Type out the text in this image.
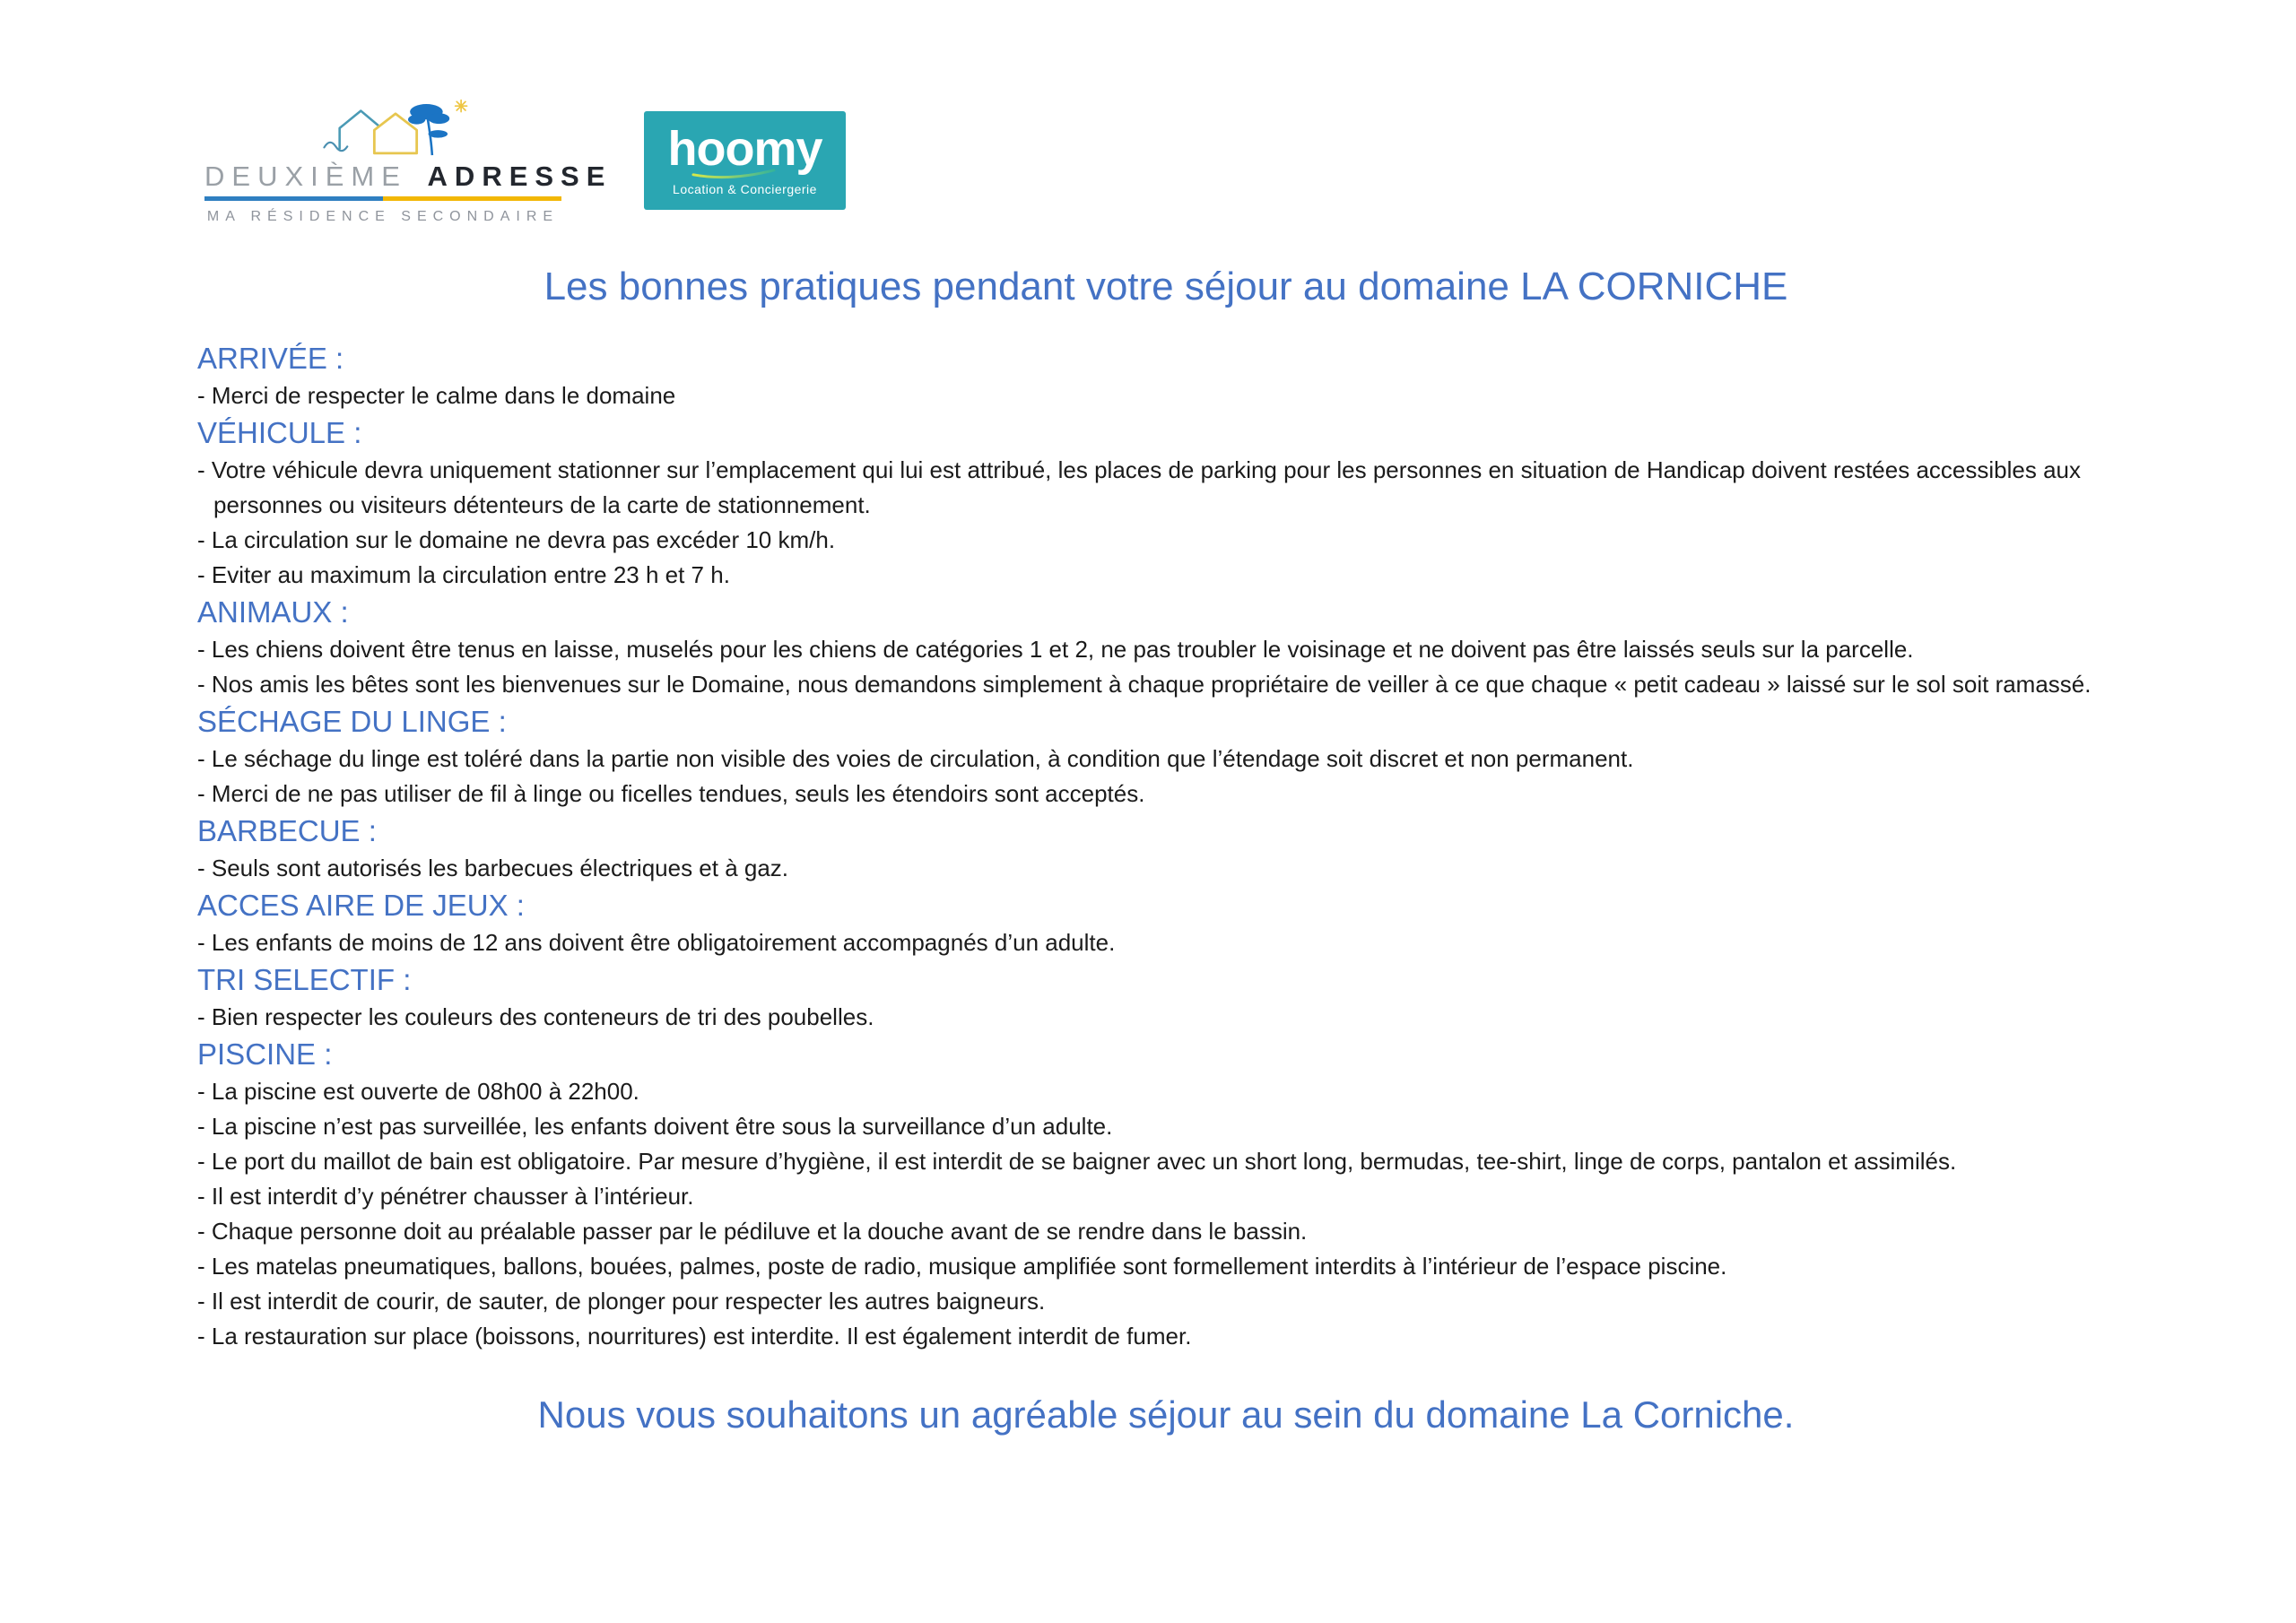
DEUXIÈME ADRESSE
MA RÉSIDENCE SECONDAIRE
hoomy
Location & Conciergerie
Les bonnes pratiques pendant votre séjour au domaine LA CORNICHE
ARRIVÉE :

- Merci de respecter le calme dans le domaine

VÉHICULE :

- Votre véhicule devra uniquement stationner sur l’emplacement qui lui est attribué, les places de parking pour les personnes en situation de Handicap doivent restées accessibles aux personnes ou visiteurs détenteurs de la carte de stationnement.

- La circulation sur le domaine ne devra pas excéder 10 km/h.

- Eviter au maximum la circulation entre 23 h et 7 h.

ANIMAUX :

- Les chiens doivent être tenus en laisse, muselés pour les chiens de catégories 1 et 2, ne pas troubler le voisinage et ne doivent pas être laissés seuls sur la parcelle.

- Nos amis les bêtes sont les bienvenues sur le Domaine, nous demandons simplement à chaque propriétaire de veiller à ce que chaque « petit cadeau » laissé sur le sol soit ramassé.

SÉCHAGE DU LINGE :

- Le séchage du linge est toléré dans la partie non visible des voies de circulation, à condition que l’étendage soit discret et non permanent.

- Merci de ne pas utiliser de fil à linge ou ficelles tendues, seuls les étendoirs sont acceptés.

BARBECUE :

- Seuls sont autorisés les barbecues électriques et à gaz.

ACCES AIRE DE JEUX :

- Les enfants de moins de 12 ans doivent être obligatoirement accompagnés d’un adulte.

TRI SELECTIF :

- Bien respecter les couleurs des conteneurs de tri des poubelles.

PISCINE :

- La piscine est ouverte de 08h00 à 22h00.

- La piscine n’est pas surveillée, les enfants doivent être sous la surveillance d’un adulte.

- Le port du maillot de bain est obligatoire. Par mesure d’hygiène, il est interdit de se baigner avec un short long, bermudas, tee-shirt, linge de corps, pantalon et assimilés.

- Il est interdit d’y pénétrer chausser à l’intérieur.

- Chaque personne doit au préalable passer par le pédiluve et la douche avant de se rendre dans le bassin.

- Les matelas pneumatiques, ballons, bouées, palmes, poste de radio, musique amplifiée sont formellement interdits à l’intérieur de l’espace piscine.

- Il est interdit de courir, de sauter, de plonger pour respecter les autres baigneurs.

- La restauration sur place (boissons, nourritures) est interdite. Il est également interdit de fumer.

Nous vous souhaitons un agréable séjour au sein du domaine La Corniche.
